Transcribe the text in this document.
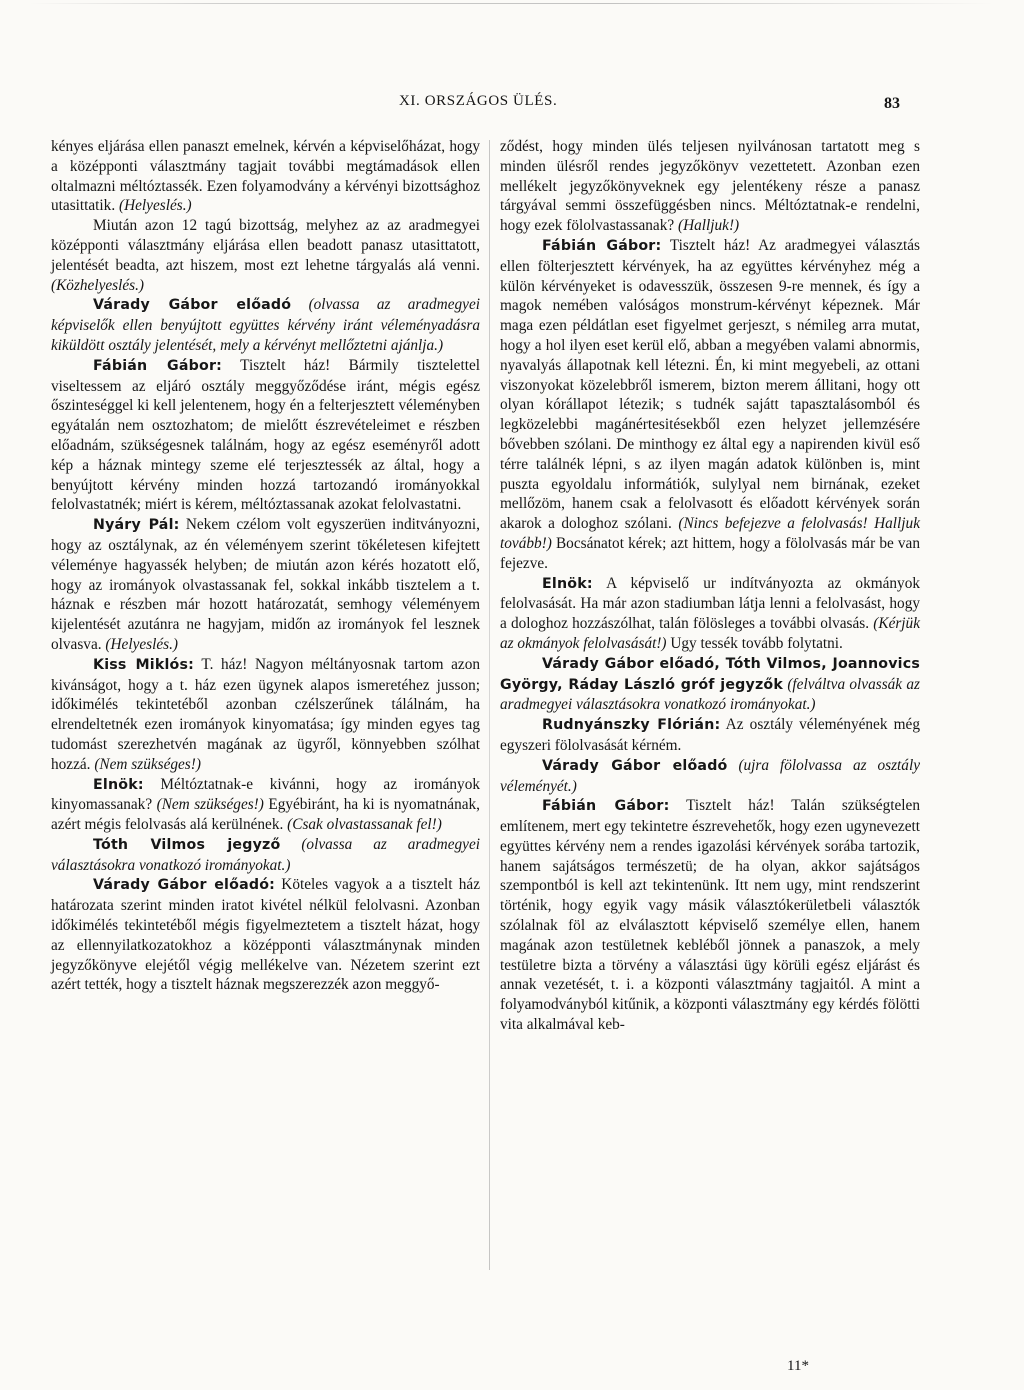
XI. ORSZÁGOS ÜLÉS.	83

kényes eljárása ellen panaszt emelnek, kérvén a képviselőházat, hogy a középponti választmány tagjait további megtámadások ellen oltalmazni méltóztassék. Ezen folyamodvány a kérvényi bizottsághoz utasittatik. (Helyeslés.)

Miután azon 12 tagú bizottság, melyhez az az aradmegyei középponti választmány eljárása ellen beadott panasz utasittatott, jelentését beadta, azt hiszem, most ezt lehetne tárgyalás alá venni. (Közhelyeslés.)

Várady Gábor előadó (olvassa az aradmegyei képviselők ellen benyújtott együttes kérvény iránt véleményadásra kiküldött osztály jelentését, mely a kérvényt mellőztetni ajánlja.)

Fábián Gábor: Tisztelt ház! Bármily tisztelettel viseltessem az eljáró osztály meggyőződése iránt, mégis egész őszinteséggel ki kell jelentenem, hogy én a felterjesztett véleményben egyátalán nem osztozhatom; de mielőtt észrevételeimet e részben előadnám, szükségesnek találnám, hogy az egész eseményről adott kép a háznak mintegy szeme elé terjesztessék az által, hogy a benyújtott kérvény minden hozzá tartozandó irományokkal felolvastatnék; miért is kérem, méltóztassanak azokat felolvastatni.

Nyáry Pál: Nekem czélom volt egyszerüen inditványozni, hogy az osztálynak, az én véleményem szerint tökéletesen kifejtett véleménye hagyassék helyben; de miután azon kérés hozatott elő, hogy az irományok olvastassanak fel, sokkal inkább tisztelem a t. háznak e részben már hozott határozatát, semhogy véleményem kijelentését azutánra ne hagyjam, midőn az irományok fel lesznek olvasva. (Helyeslés.)

Kiss Miklós: T. ház! Nagyon méltányosnak tartom azon kivánságot, hogy a t. ház ezen ügynek alapos ismeretéhez jusson; időkimélés tekintetéből azonban czélszerűnek tálálnám, ha elrendeltetnék ezen irományok kinyomatása; így minden egyes tag tudomást szerezhetvén magának az ügyről, könnyebben szólhat hozzá. (Nem szükséges!)

Elnök: Méltóztatnak-e kivánni, hogy az irományok kinyomassanak? (Nem szükséges!) Egyébiránt, ha ki is nyomatnának, azért mégis felolvasás alá kerülnének. (Csak olvastassanak fel!)

Tóth Vilmos jegyző (olvassa az aradmegyei választásokra vonatkozó irományokat.)

Várady Gábor előadó: Köteles vagyok a a tisztelt ház határozata szerint minden iratot kivétel nélkül felolvasni. Azonban időkimélés tekintetéből mégis figyelmeztetem a tisztelt házat, hogy az ellennyilatkozatokhoz a középponti választmánynak minden jegyzőkönyve elejétől végig mellékelve van. Nézetem szerint ezt azért tették, hogy a tisztelt háznak megszerezzék azon meggyő-

ződést, hogy minden ülés teljesen nyilvánosan tartatott meg s minden ülésről rendes jegyzőkönyv vezettetett. Azonban ezen mellékelt jegyzőkönyveknek egy jelentékeny része a panasz tárgyával semmi összefüggésben nincs. Méltóztatnak-e rendelni, hogy ezek fölolvastassanak? (Halljuk!)

Fábián Gábor: Tisztelt ház! Az aradmegyei választás ellen fölterjesztett kérvények, ha az együttes kérvényhez még a külön kérvényeket is odavesszük, összesen 9-re mennek, és így a magok nemében valóságos monstrum-kérvényt képeznek. Már maga ezen példátlan eset figyelmet gerjeszt, s némileg arra mutat, hogy a hol ilyen eset kerül elő, abban a megyében valami abnormis, nyavalyás állapotnak kell létezni. Én, ki mint megyebeli, az ottani viszonyokat közelebbről ismerem, bizton merem állitani, hogy ott olyan kórállapot létezik; s tudnék sajátt tapasztalásomból és legközelebbi magánértesitésekből ezen helyzet jellemzésére bővebben szólani. De minthogy ez által egy a napirenden kivül eső térre találnék lépni, s az ilyen magán adatok különben is, mint puszta egyoldalu informátiók, sulylyal nem birnának, ezeket mellőzöm, hanem csak a felolvasott és előadott kérvények során akarok a dologhoz szólani. (Nincs befejezve a felolvasás! Halljuk tovább!) Bocsánatot kérek; azt hittem, hogy a fölolvasás már be van fejezve.

Elnök: A képviselő ur indítványozta az okmányok felolvasását. Ha már azon stadiumban látja lenni a felolvasást, hogy a dologhoz hozzászólhat, talán fölösleges a további olvasás. (Kérjük az okmányok felolvasását!) Ugy tessék tovább folytatni.

Várady Gábor előadó, Tóth Vilmos, Joannovics György, Ráday László gróf jegyzők (felváltva olvassák az aradmegyei választásokra vonatkozó irományokat.)

Rudnyánszky Flórián: Az osztály véleményének még egyszeri fölolvasását kérném.

Várady Gábor előadó (ujra fölolvassa az osztály véleményét.)

Fábián Gábor: Tisztelt ház! Talán szükségtelen említenem, mert egy tekintetre észrevehetők, hogy ezen ugynevezett együttes kérvény nem a rendes igazolási kérvények sorába tartozik, hanem sajátságos természetü; de ha olyan, akkor sajátságos szempontból is kell azt tekintenünk. Itt nem ugy, mint rendszerint történik, hogy egyik vagy másik választókerületbeli választók szólalnak föl az elválasztott képviselő személye ellen, hanem magának azon testületnek kebléből jönnek a panaszok, a mely testületre bizta a törvény a választási ügy körüli egész eljárást és annak vezetését, t. i. a központi választmány tagjaitól. A mint a folyamodványból kitűnik, a központi választmány egy kérdés fölötti vita alkalmával keb-

11*
